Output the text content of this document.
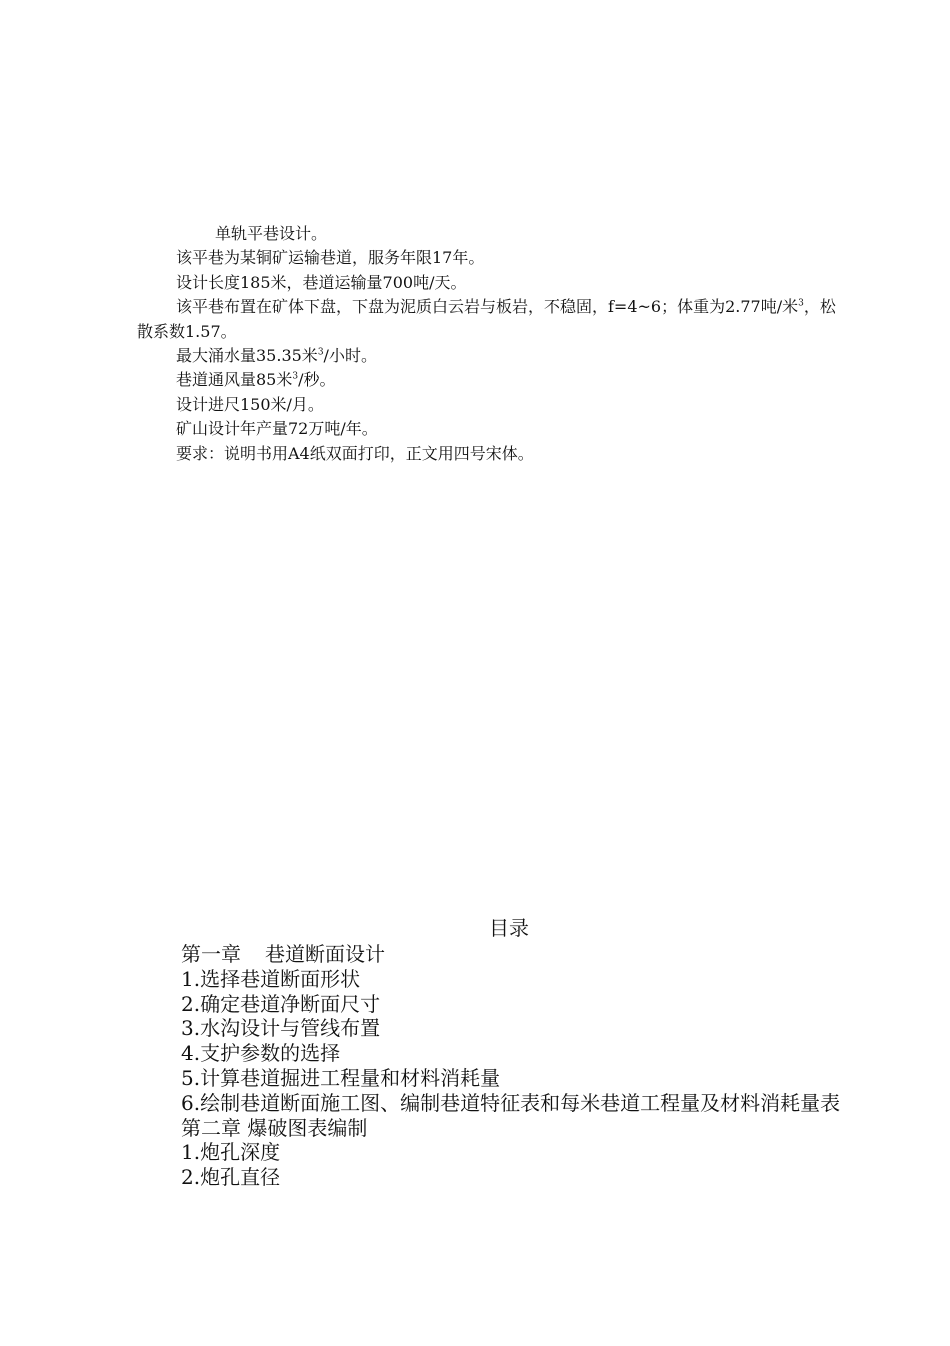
单轨平巷设计。

该平巷为某铜矿运输巷道，服务年限17年。

设计长度185米，巷道运输量700吨/天。

该平巷布置在矿体下盘，下盘为泥质白云岩与板岩，不稳固，f=4~6；体重为2.77吨/米$^3$，松散系数1.57。

最大涌水量35.35米$^3$/小时。

巷道通风量85米$^3$/秒。

设计进尺150米/月。

矿山设计年产量72万吨/年。

要求：说明书用A4纸双面打印，正文用四号宋体。

目录

第一章 巷道断面设计

1.选择巷道断面形状

2.确定巷道净断面尺寸

3.水沟设计与管线布置

4.支护参数的选择

5.计算巷道掘进工程量和材料消耗量

6.绘制巷道断面施工图、编制巷道特征表和每米巷道工程量及材料消耗量表

第二章 爆破图表编制

1.炮孔深度

2.炮孔直径
